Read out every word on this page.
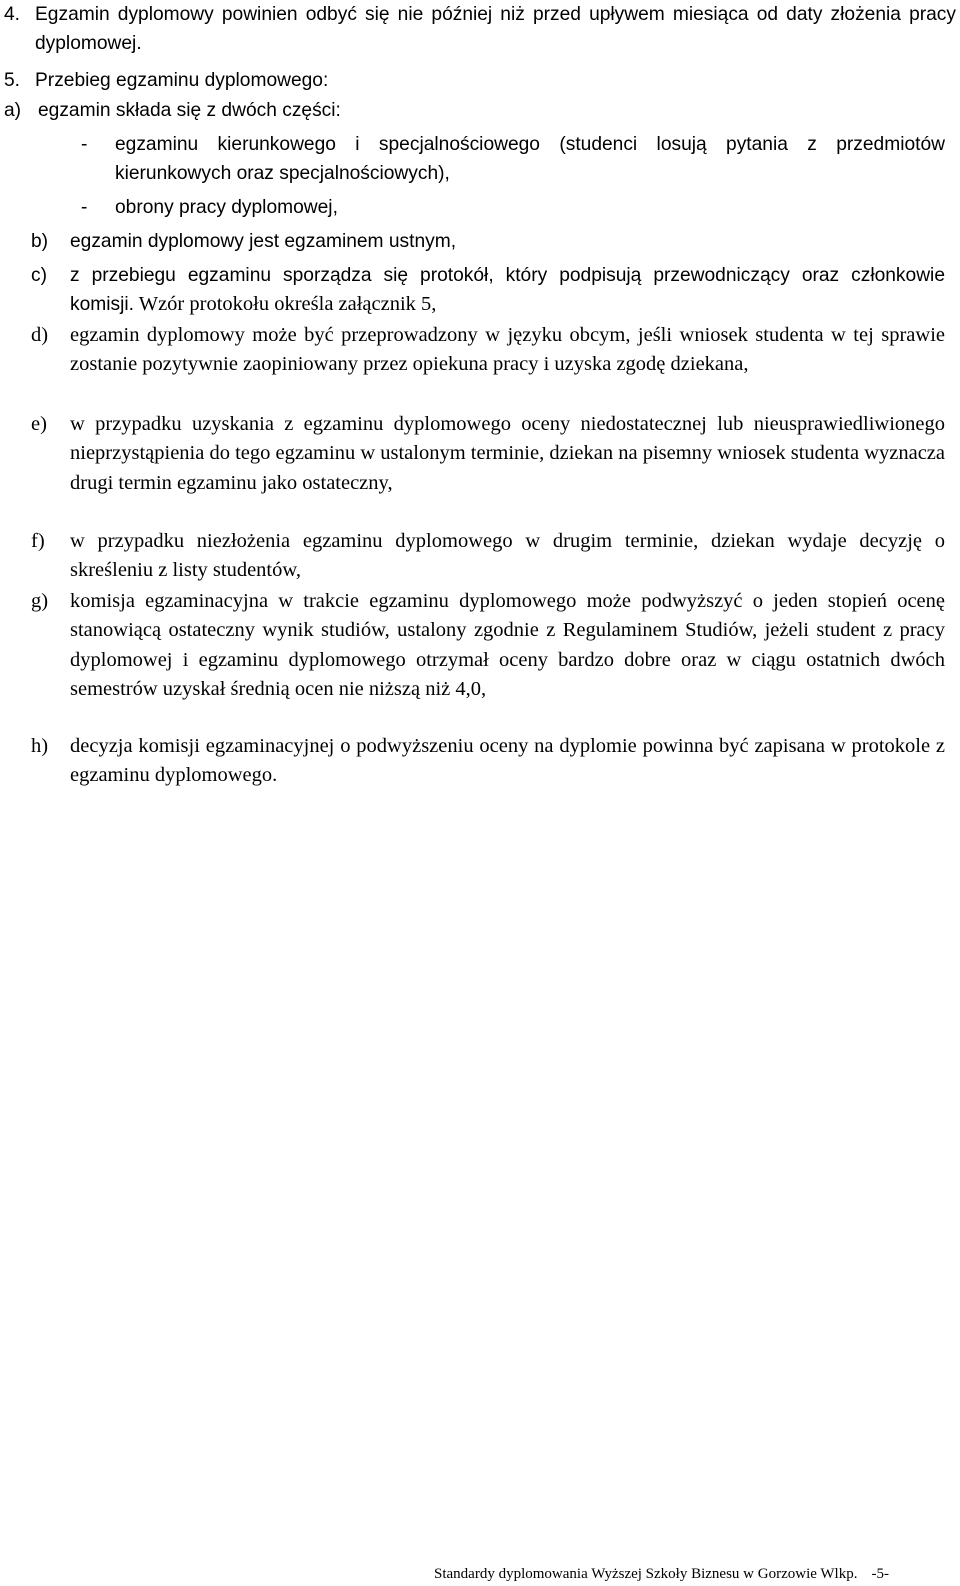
4. Egzamin dyplomowy powinien odbyć się nie później niż przed upływem miesiąca od daty złożenia pracy dyplomowej.
5. Przebieg egzaminu dyplomowego:
a) egzamin składa się z dwóch części:
- egzaminu kierunkowego i specjalnościowego (studenci losują pytania z przedmiotów kierunkowych oraz specjalnościowych),
- obrony pracy dyplomowej,
b) egzamin dyplomowy jest egzaminem ustnym,
c) z przebiegu egzaminu sporządza się protokół, który podpisują przewodniczący oraz członkowie komisji. Wzór protokołu określa załącznik 5,
d) egzamin dyplomowy może być przeprowadzony w języku obcym, jeśli wniosek studenta w tej sprawie zostanie pozytywnie zaopiniowany przez opiekuna pracy i uzyska zgodę dziekana,
e) w przypadku uzyskania z egzaminu dyplomowego oceny niedostatecznej lub nieusprawiedliwionego nieprzystąpienia do tego egzaminu w ustalonym terminie, dziekan na pisemny wniosek studenta wyznacza drugi termin egzaminu jako ostateczny,
f) w przypadku niezłożenia egzaminu dyplomowego w drugim terminie, dziekan wydaje decyzję o skreśleniu z listy studentów,
g) komisja egzaminacyjna w trakcie egzaminu dyplomowego może podwyższyć o jeden stopień ocenę stanowiącą ostateczny wynik studiów, ustalony zgodnie z Regulaminem Studiów, jeżeli student z pracy dyplomowej i egzaminu dyplomowego otrzymał oceny bardzo dobre oraz w ciągu ostatnich dwóch semestrów uzyskał średnią ocen nie niższą niż 4,0,
h) decyzja komisji egzaminacyjnej o podwyższeniu oceny na dyplomie powinna być zapisana w protokole z egzaminu dyplomowego.
Standardy dyplomowania Wyższej Szkoły Biznesu w Gorzowie Wlkp. -5-
